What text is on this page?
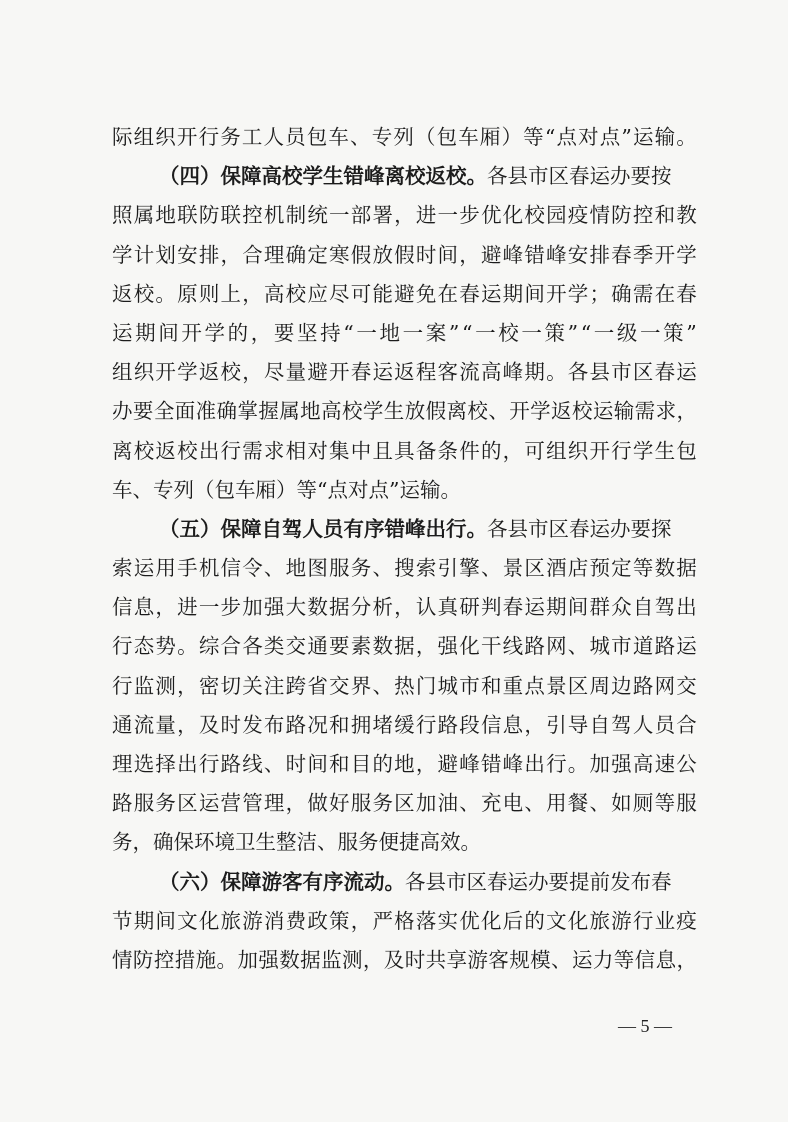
际 组 织 开 行 务 工 人 员 包 车 、 专 列 （ 包 车 厢 ） 等 “ 点 对 点 ” 运 输 。
（四）保障高校学生错峰离校返校。各县市区春运办要按
照 属 地 联 防 联 控 机 制 统 一 部 署 ， 进 一 步 优 化 校 园 疫 情 防 控 和 教
学 计 划 安 排 ， 合 理 确 定 寒 假 放 假 时 间 ， 避 峰 错 峰 安 排 春 季 开 学
返 校 。 原 则 上 ， 高 校 应 尽 可 能 避 免 在 春 运 期 间 开 学 ； 确 需 在 春
运 期 间 开 学 的 ， 要 坚 持 “ 一 地 一 案 ” “ 一 校 一 策 ” “ 一 级 一 策 ”
组 织 开 学 返 校 ， 尽 量 避 开 春 运 返 程 客 流 高 峰 期 。 各 县 市 区 春 运
办 要 全 面 准 确 掌 握 属 地 高 校 学 生 放 假 离 校 、 开 学 返 校 运 输 需 求 ，
离 校 返 校 出 行 需 求 相 对 集 中 且 具 备 条 件 的 ， 可 组 织 开 行 学 生 包
车、专列（包车厢）等“点对点”运输。
（五）保障自驾人员有序错峰出行。各县市区春运办要探
索 运 用 手 机 信 令 、 地 图 服 务 、 搜 索 引 擎 、 景 区 酒 店 预 定 等 数 据
信 息 ， 进 一 步 加 强 大 数 据 分 析 ， 认 真 研 判 春 运 期 间 群 众 自 驾 出
行 态 势 。 综 合 各 类 交 通 要 素 数 据 ， 强 化 干 线 路 网 、 城 市 道 路 运
行 监 测 ， 密 切 关 注 跨 省 交 界 、 热 门 城 市 和 重 点 景 区 周 边 路 网 交
通 流 量 ， 及 时 发 布 路 况 和 拥 堵 缓 行 路 段 信 息 ， 引 导 自 驾 人 员 合
理 选 择 出 行 路 线 、 时 间 和 目 的 地 ， 避 峰 错 峰 出 行 。 加 强 高 速 公
路 服 务 区 运 营 管 理 ， 做 好 服 务 区 加 油 、 充 电 、 用 餐 、 如 厕 等 服
务，确保环境卫生整洁、服务便捷高效。
（六）保障游客有序流动。各县市区春运办要提前发布春
节 期 间 文 化 旅 游 消 费 政 策 ， 严 格 落 实 优 化 后 的 文 化 旅 游 行 业 疫
情 防 控 措 施 。 加 强 数 据 监 测 ， 及 时 共 享 游 客 规 模 、 运 力 等 信 息 ，
— 5 —
